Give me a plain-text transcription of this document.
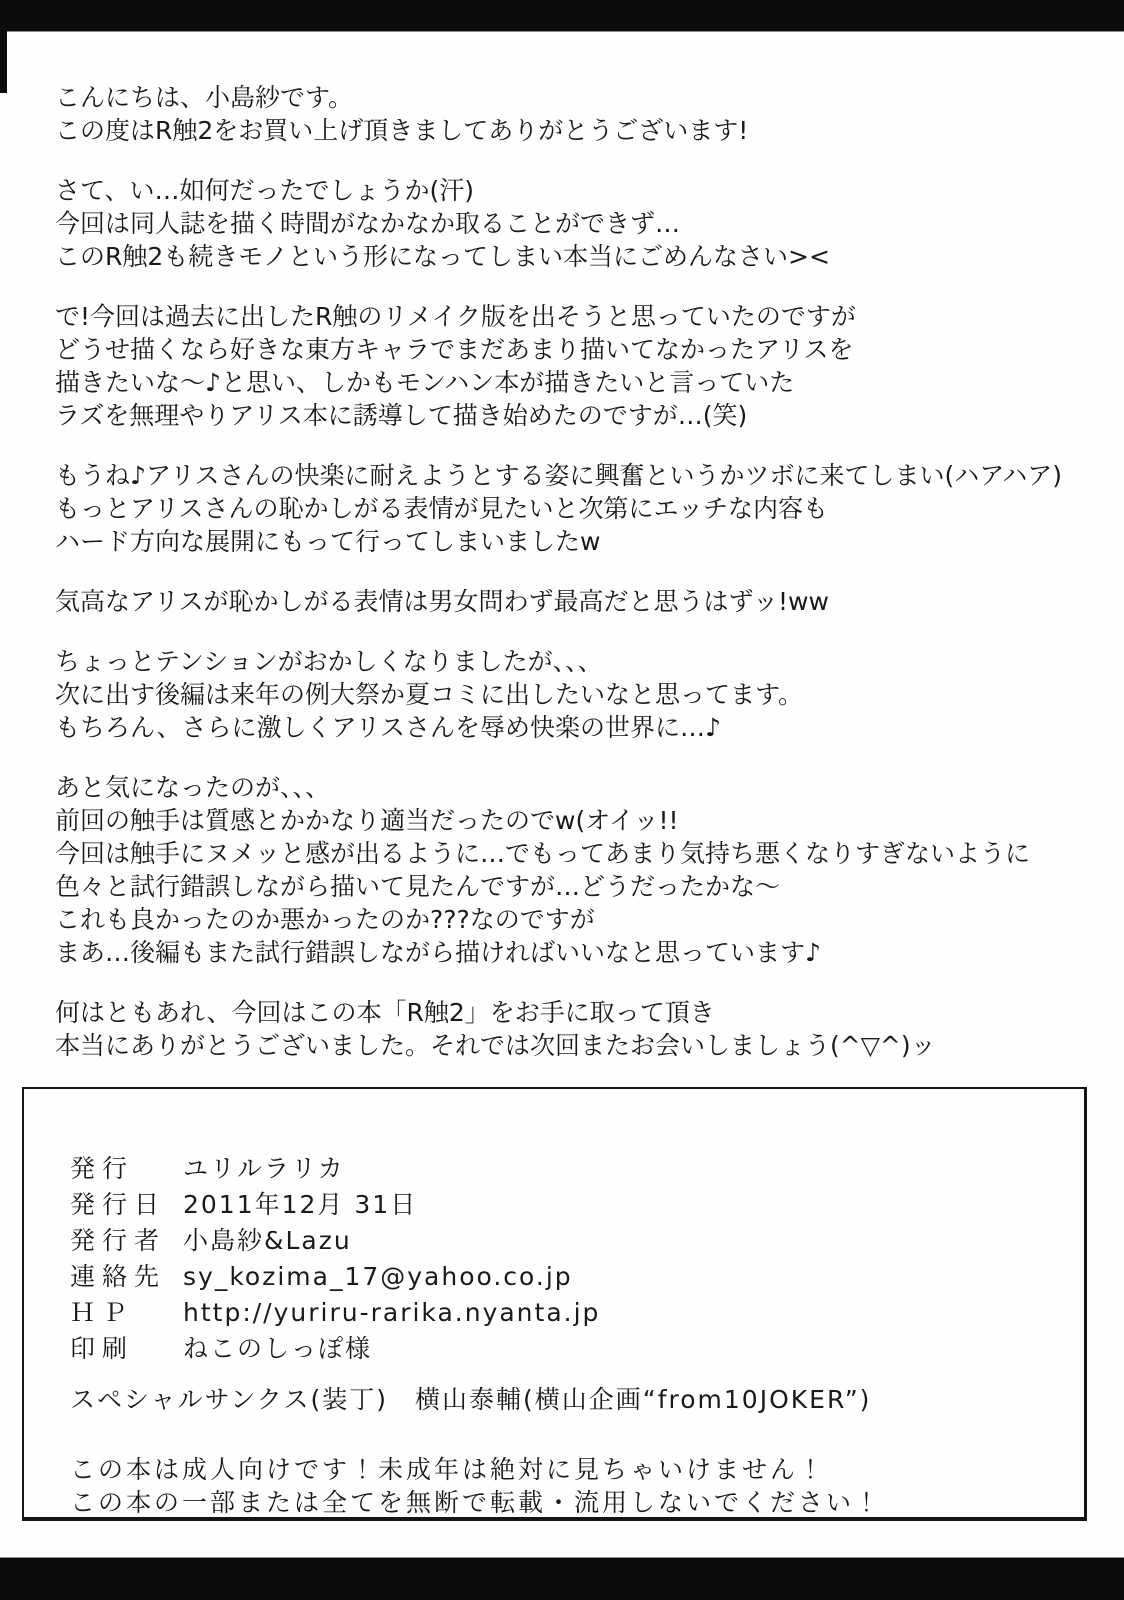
こんにちは、小島紗です。
この度はR触2をお買い上げ頂きましてありがとうございます!

さて、い…如何だったでしょうか(汗)
今回は同人誌を描く時間がなかなか取ることができず…
このR触2も続きモノという形になってしまい本当にごめんなさい><

で!今回は過去に出したR触のリメイク版を出そうと思っていたのですが
どうせ描くなら好きな東方キャラでまだあまり描いてなかったアリスを
描きたいな〜♪と思い、しかもモンハン本が描きたいと言っていた
ラズを無理やりアリス本に誘導して描き始めたのですが…(笑)

もうね♪アリスさんの快楽に耐えようとする姿に興奮というかツボに来てしまい(ハアハア)
もっとアリスさんの恥かしがる表情が見たいと次第にエッチな内容も
ハード方向な展開にもって行ってしまいましたw

気高なアリスが恥かしがる表情は男女問わず最高だと思うはずッ!ww

ちょっとテンションがおかしくなりましたが、、、
次に出す後編は来年の例大祭か夏コミに出したいなと思ってます。
もちろん、さらに激しくアリスさんを辱め快楽の世界に…♪

あと気になったのが、、、
前回の触手は質感とかかなり適当だったのでw(オイッ!!
今回は触手にヌメッと感が出るように…でもってあまり気持ち悪くなりすぎないように
色々と試行錯誤しながら描いて見たんですが…どうだったかな〜
これも良かったのか悪かったのか???なのですが
まあ…後編もまた試行錯誤しながら描ければいいなと思っています♪

何はともあれ、今回はこの本「R触2」をお手に取って頂き
本当にありがとうございました。それでは次回またお会いしましょう(^▽^)ッ

発行	ユリルラリカ
発行日 2011年12月 31日
発行者 小島紗&Lazu
連絡先 sy_kozima_17@yahoo.co.jp
ＨＰ	http://yuriru-rarika.nyanta.jp
印刷	ねこのしっぽ様

スペシャルサンクス(装丁)　横山泰輔(横山企画“from10JOKER”)

この本は成人向けです！未成年は絶対に見ちゃいけません！

この本の一部または全てを無断で転載・流用しないでください！
